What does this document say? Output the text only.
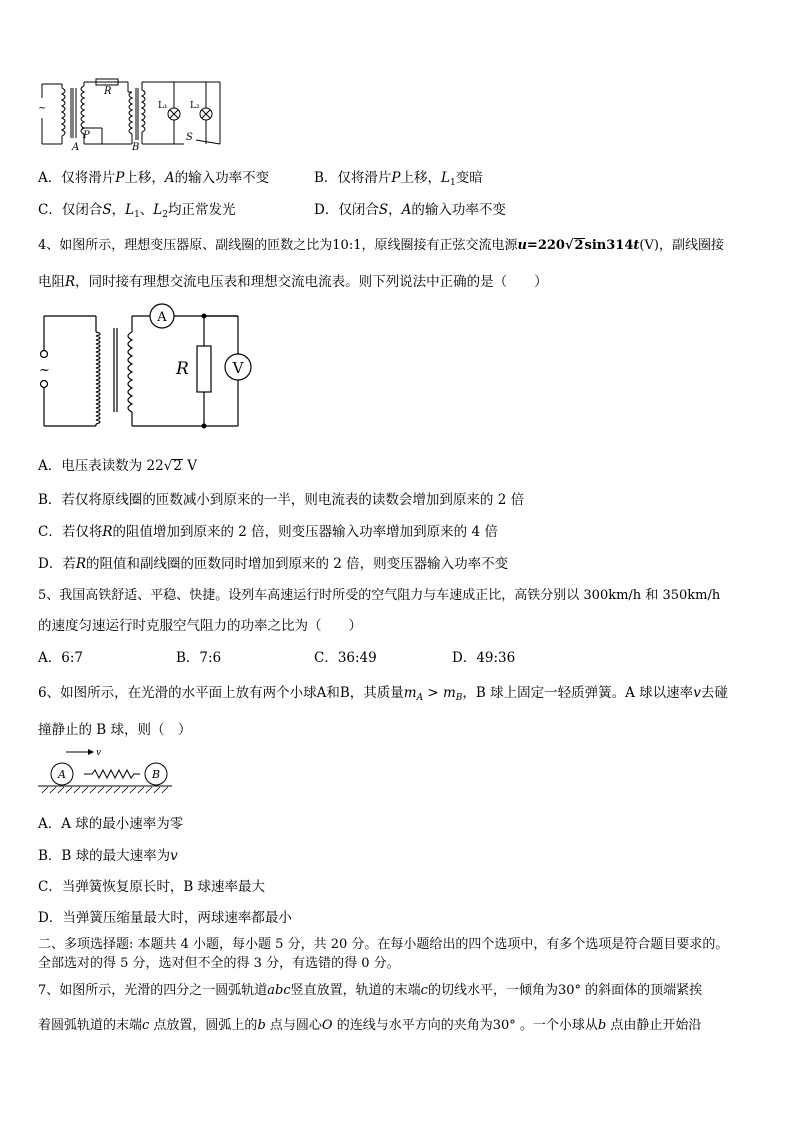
~
R
P
A	B
L₁ L₂
S
A．仅将滑片P上移，A的输入功率不变	B．仅将滑片P上移，$L_1$变暗
C．仅闭合S，$L_1$、$L_2$均正常发光	D．仅闭合S，A的输入功率不变
4、如图所示，理想变压器原、副线圈的匝数之比为10:1，原线圈接有正弦交流电源u=220√2sin314t(V)，副线圈接
电阻R，同时接有理想交流电压表和理想交流电流表。则下列说法中正确的是（　　）
~
A
R	V
A．电压表读数为 22√2 V
B．若仅将原线圈的匝数减小到原来的一半，则电流表的读数会增加到原来的 2 倍
C．若仅将R的阻值增加到原来的 2 倍，则变压器输入功率增加到原来的 4 倍
D．若R的阻值和副线圈的匝数同时增加到原来的 2 倍，则变压器输入功率不变
5、我国高铁舒适、平稳、快捷。设列车高速运行时所受的空气阻力与车速成正比，高铁分别以 300km/h 和 350km/h
的速度匀速运行时克服空气阻力的功率之比为（　　）
A．6:7	B．7:6	C．36:49	D．49:36
6、如图所示，在光滑的水平面上放有两个小球A和B，其质量$m_A > m_B$，B 球上固定一轻质弹簧。A 球以速率v去碰
撞静止的 B 球，则（　）
v
A	B
A．A 球的最小速率为零
B．B 球的最大速率为v
C．当弹簧恢复原长时，B 球速率最大
D．当弹簧压缩量最大时，两球速率都最小
二、多项选择题: 本题共 4 小题，每小题 5 分，共 20 分。在每小题给出的四个选项中，有多个选项是符合题目要求的。
全部选对的得 5 分，选对但不全的得 3 分，有选错的得 0 分。
7、如图所示，光滑的四分之一圆弧轨道abc竖直放置，轨道的末端c的切线水平，一倾角为30° 的斜面体的顶端紧挨
着圆弧轨道的末端c 点放置，圆弧上的b 点与圆心O 的连线与水平方向的夹角为30° 。一个小球从b 点由静止开始沿
